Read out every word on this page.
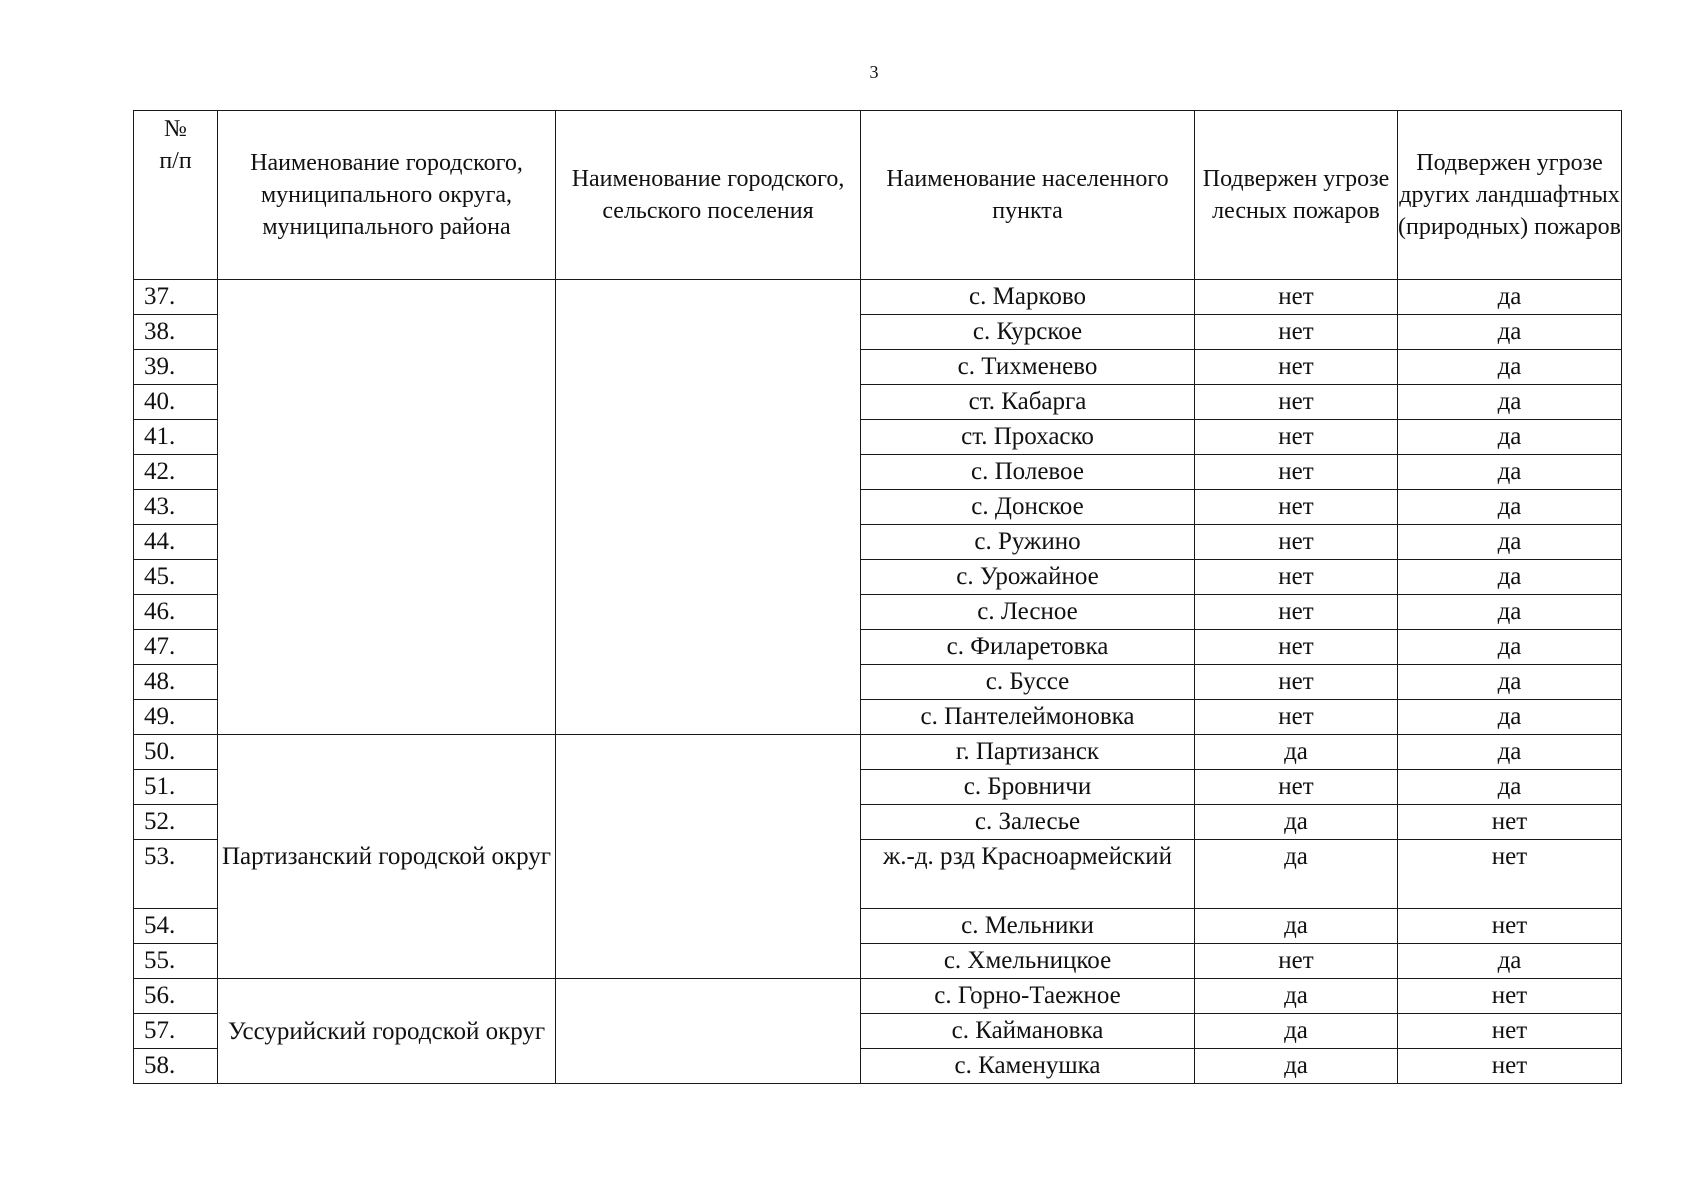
3
№
п/п	Наименование городского, муниципального округа, муниципального района	Наименование городского, сельского поселения	Наименование населенного пункта	Подвержен угрозе лесных пожаров	Подвержен угрозе других ландшафтных (природных) пожаров
37.			с. Марково	нет	да
38.			с. Курское	нет	да
39.			с. Тихменево	нет	да
40.			ст. Кабарга	нет	да
41.			ст. Прохаско	нет	да
42.			с. Полевое	нет	да
43.			с. Донское	нет	да
44.			с. Ружино	нет	да
45.			с. Урожайное	нет	да
46.			с. Лесное	нет	да
47.			с. Филаретовка	нет	да
48.			с. Буссе	нет	да
49.			с. Пантелеймоновка	нет	да
50.	Партизанский городской округ		г. Партизанск	да	да
51.			с. Бровничи	нет	да
52.			с. Залесье	да	нет
53.			ж.-д. рзд Красноармейский	да	нет
54.			с. Мельники	да	нет
55.			с. Хмельницкое	нет	да
56.	Уссурийский городской округ		с. Горно-Таежное	да	нет
57.			с. Каймановка	да	нет
58.			с. Каменушка	да	нет
